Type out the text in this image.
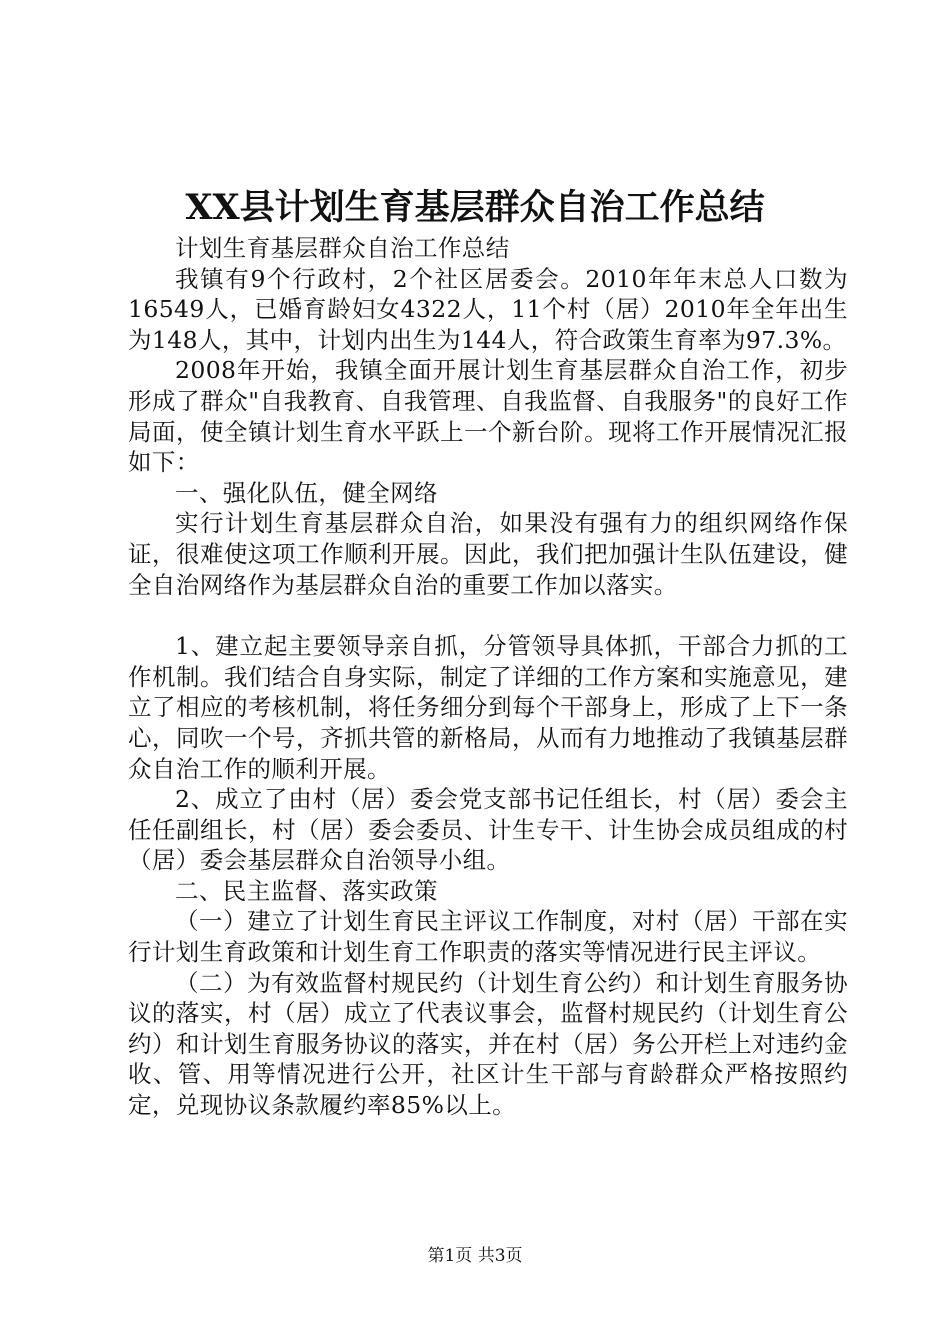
XX县计划生育基层群众自治工作总结

计划生育基层群众自治工作总结

我镇有9个行政村，2个社区居委会。2010年年末总人口数为16549人，已婚育龄妇女4322人，11个村（居）2010年全年出生为148人，其中，计划内出生为144人，符合政策生育率为97.3%。

2008年开始，我镇全面开展计划生育基层群众自治工作，初步形成了群众"自我教育、自我管理、自我监督、自我服务"的良好工作局面，使全镇计划生育水平跃上一个新台阶。现将工作开展情况汇报如下：

一、强化队伍，健全网络

实行计划生育基层群众自治，如果没有强有力的组织网络作保证，很难使这项工作顺利开展。因此，我们把加强计生队伍建设，健全自治网络作为基层群众自治的重要工作加以落实。

1、建立起主要领导亲自抓，分管领导具体抓，干部合力抓的工作机制。我们结合自身实际，制定了详细的工作方案和实施意见，建立了相应的考核机制，将任务细分到每个干部身上，形成了上下一条心，同吹一个号，齐抓共管的新格局，从而有力地推动了我镇基层群众自治工作的顺利开展。

2、成立了由村（居）委会党支部书记任组长，村（居）委会主任任副组长，村（居）委会委员、计生专干、计生协会成员组成的村（居）委会基层群众自治领导小组。

二、民主监督、落实政策

（一）建立了计划生育民主评议工作制度，对村（居）干部在实行计划生育政策和计划生育工作职责的落实等情况进行民主评议。

（二）为有效监督村规民约（计划生育公约）和计划生育服务协议的落实，村（居）成立了代表议事会，监督村规民约（计划生育公约）和计划生育服务协议的落实，并在村（居）务公开栏上对违约金收、管、用等情况进行公开，社区计生干部与育龄群众严格按照约定，兑现协议条款履约率85%以上。

第1页 共3页
